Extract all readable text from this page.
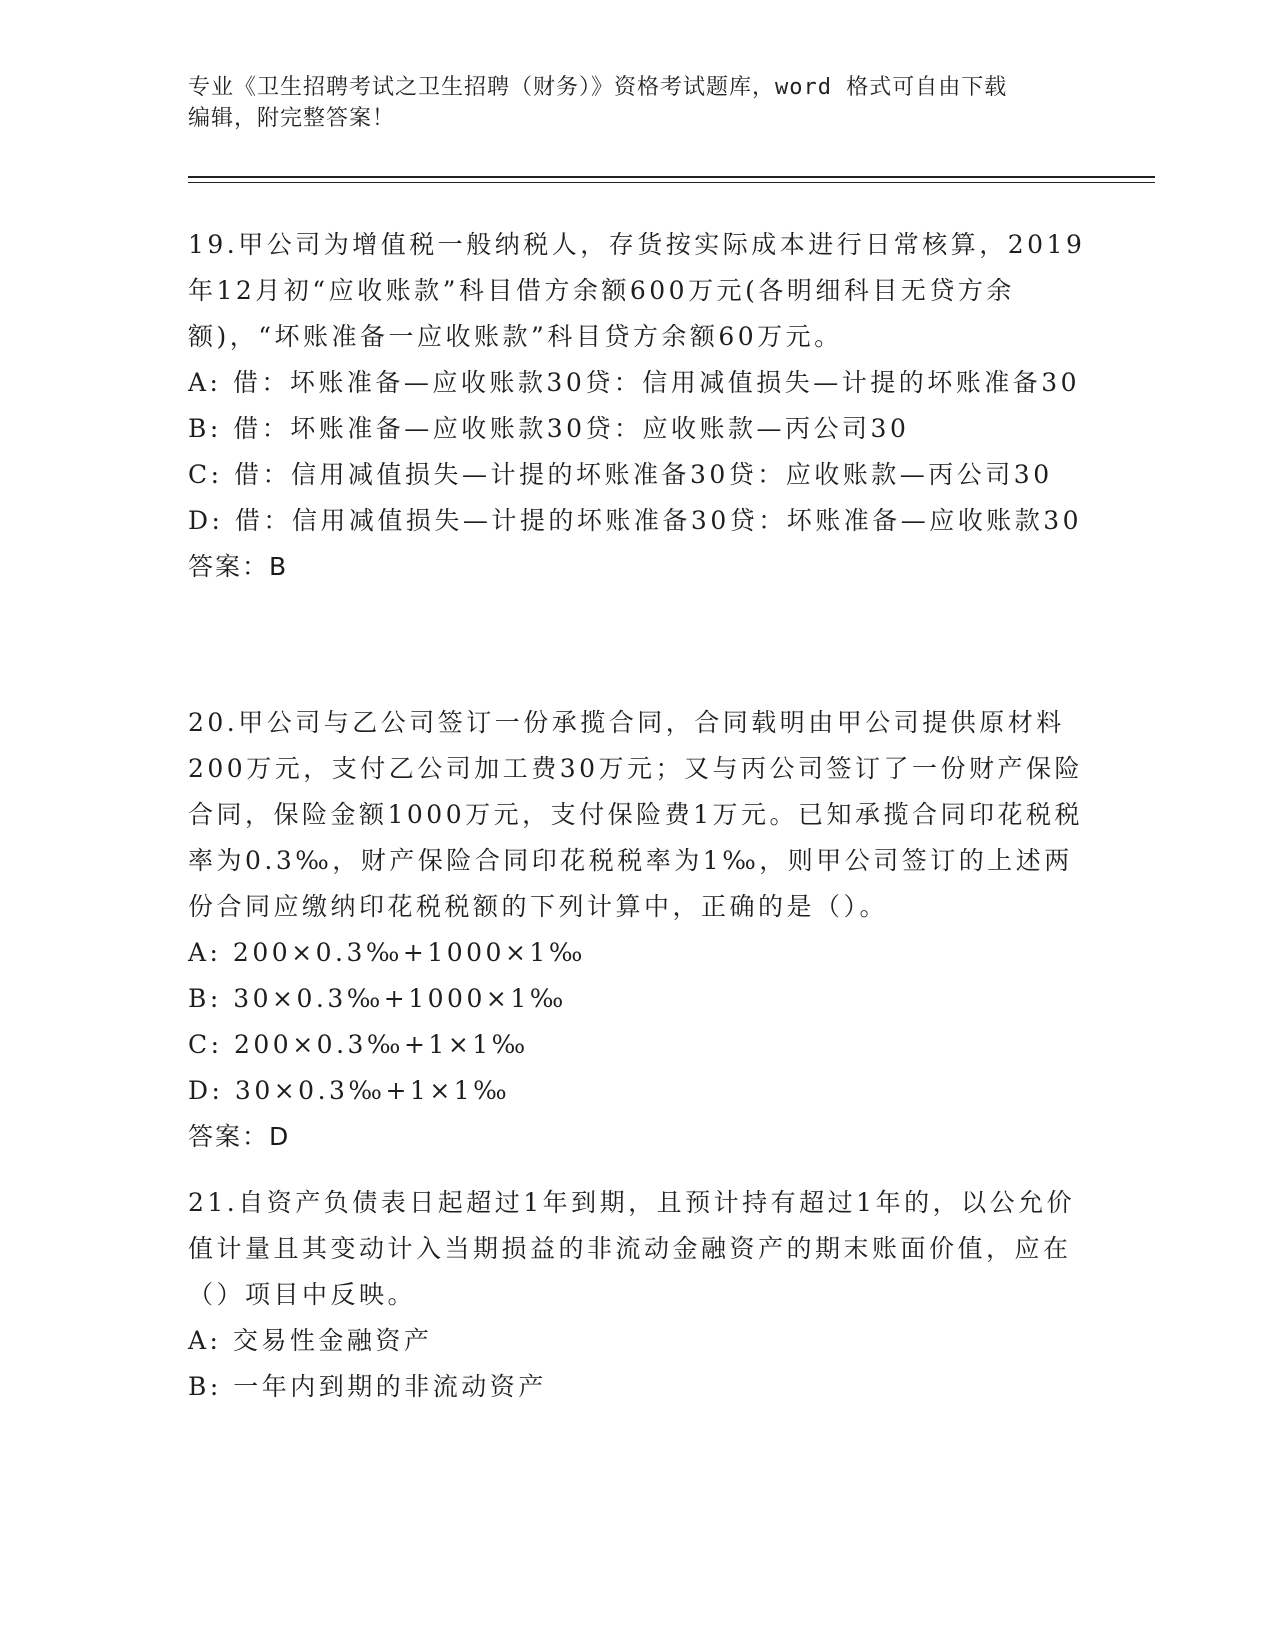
专业《卫生招聘考试之卫生招聘（财务）》资格考试题库，word 格式可自由下载

编辑，附完整答案！

19.甲公司为增值税一般纳税人，存货按实际成本进行日常核算，2019年12月初“应收账款”科目借方余额600万元(各明细科目无贷方余额)，“坏账准备一应收账款”科目贷方余额60万元。

A: 借：坏账准备—应收账款30贷：信用减值损失—计提的坏账准备30

B: 借：坏账准备—应收账款30贷：应收账款—丙公司30

C: 借：信用减值损失—计提的坏账准备30贷：应收账款—丙公司30

D: 借：信用减值损失—计提的坏账准备30贷：坏账准备—应收账款30

答案：B

20.甲公司与乙公司签订一份承揽合同，合同载明由甲公司提供原材料200万元，支付乙公司加工费30万元；又与丙公司签订了一份财产保险合同，保险金额1000万元，支付保险费1万元。已知承揽合同印花税税率为0.3‰，财产保险合同印花税税率为1‰，则甲公司签订的上述两份合同应缴纳印花税税额的下列计算中，正确的是（）。

A: 200×0.3‰+1000×1‰

B: 30×0.3‰+1000×1‰

C: 200×0.3‰+1×1‰

D: 30×0.3‰+1×1‰

答案：D

21.自资产负债表日起超过1年到期，且预计持有超过1年的，以公允价值计量且其变动计入当期损益的非流动金融资产的期末账面价值，应在（）项目中反映。

A: 交易性金融资产

B: 一年内到期的非流动资产
